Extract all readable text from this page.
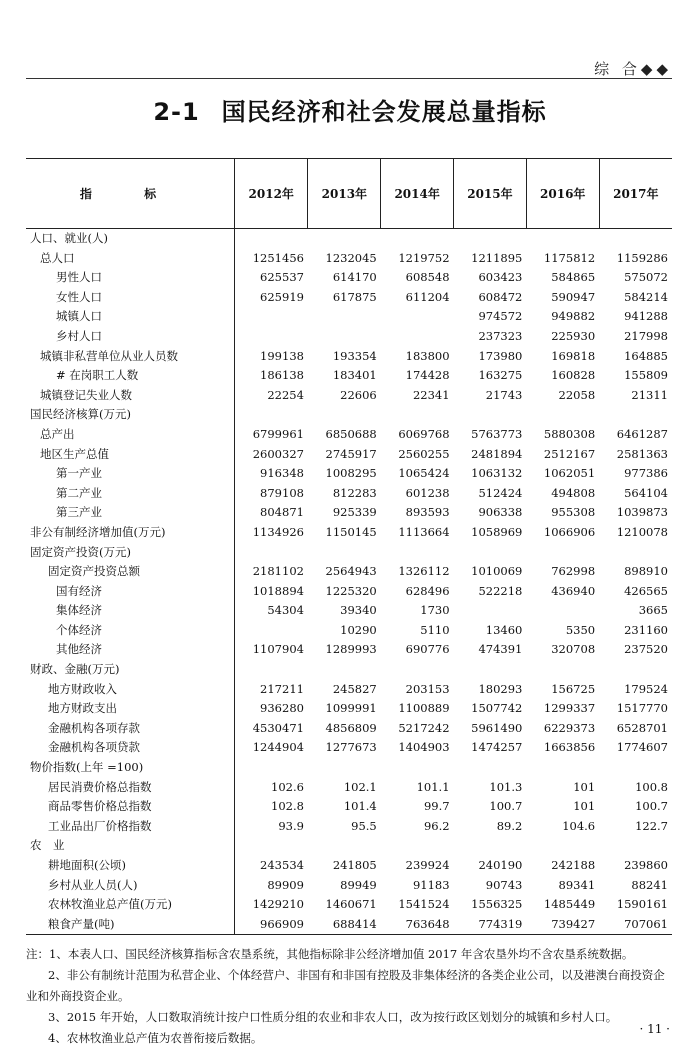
综 合◆◆
2-1 国民经济和社会发展总量指标
指 标	2012年	2013年	2014年	2015年	2016年	2017年
人口、就业(人)						
总人口	1251456	1232045	1219752	1211895	1175812	1159286
男性人口	625537	614170	608548	603423	584865	575072
女性人口	625919	617875	611204	608472	590947	584214
城镇人口				974572	949882	941288
乡村人口				237323	225930	217998
城镇非私营单位从业人员数	199138	193354	183800	173980	169818	164885
# 在岗职工人数	186138	183401	174428	163275	160828	155809
城镇登记失业人数	22254	22606	22341	21743	22058	21311
国民经济核算(万元)						
总产出	6799961	6850688	6069768	5763773	5880308	6461287
地区生产总值	2600327	2745917	2560255	2481894	2512167	2581363
第一产业	916348	1008295	1065424	1063132	1062051	977386
第二产业	879108	812283	601238	512424	494808	564104
第三产业	804871	925339	893593	906338	955308	1039873
非公有制经济增加值(万元)	1134926	1150145	1113664	1058969	1066906	1210078
固定资产投资(万元)						
固定资产投资总额	2181102	2564943	1326112	1010069	762998	898910
国有经济	1018894	1225320	628496	522218	436940	426565
集体经济	54304	39340	1730			3665
个体经济		10290	5110	13460	5350	231160
其他经济	1107904	1289993	690776	474391	320708	237520
财政、金融(万元)						
地方财政收入	217211	245827	203153	180293	156725	179524
地方财政支出	936280	1099991	1100889	1507742	1299337	1517770
金融机构各项存款	4530471	4856809	5217242	5961490	6229373	6528701
金融机构各项贷款	1244904	1277673	1404903	1474257	1663856	1774607
物价指数(上年 =100)						
居民消费价格总指数	102.6	102.1	101.1	101.3	101	100.8
商品零售价格总指数	102.8	101.4	99.7	100.7	101	100.7
工业品出厂价格指数	93.9	95.5	96.2	89.2	104.6	122.7
农　业						
耕地面积(公顷)	243534	241805	239924	240190	242188	239860
乡村从业人员(人)	89909	89949	91183	90743	89341	88241
农林牧渔业总产值(万元)	1429210	1460671	1541524	1556325	1485449	1590161
粮食产量(吨)	966909	688414	763648	774319	739427	707061

注：1、本表人口、国民经济核算指标含农垦系统，其他指标除非公经济增加值 2017 年含农垦外均不含农垦系统数据。

2、非公有制统计范围为私营企业、个体经营户、非国有和非国有控股及非集体经济的各类企业公司，以及港澳台商投资企业和外商投资企业。

3、2015 年开始，人口数取消统计按户口性质分组的农业和非农人口，改为按行政区划划分的城镇和乡村人口。

4、农林牧渔业总产值为农普衔接后数据。

· 11 ·
